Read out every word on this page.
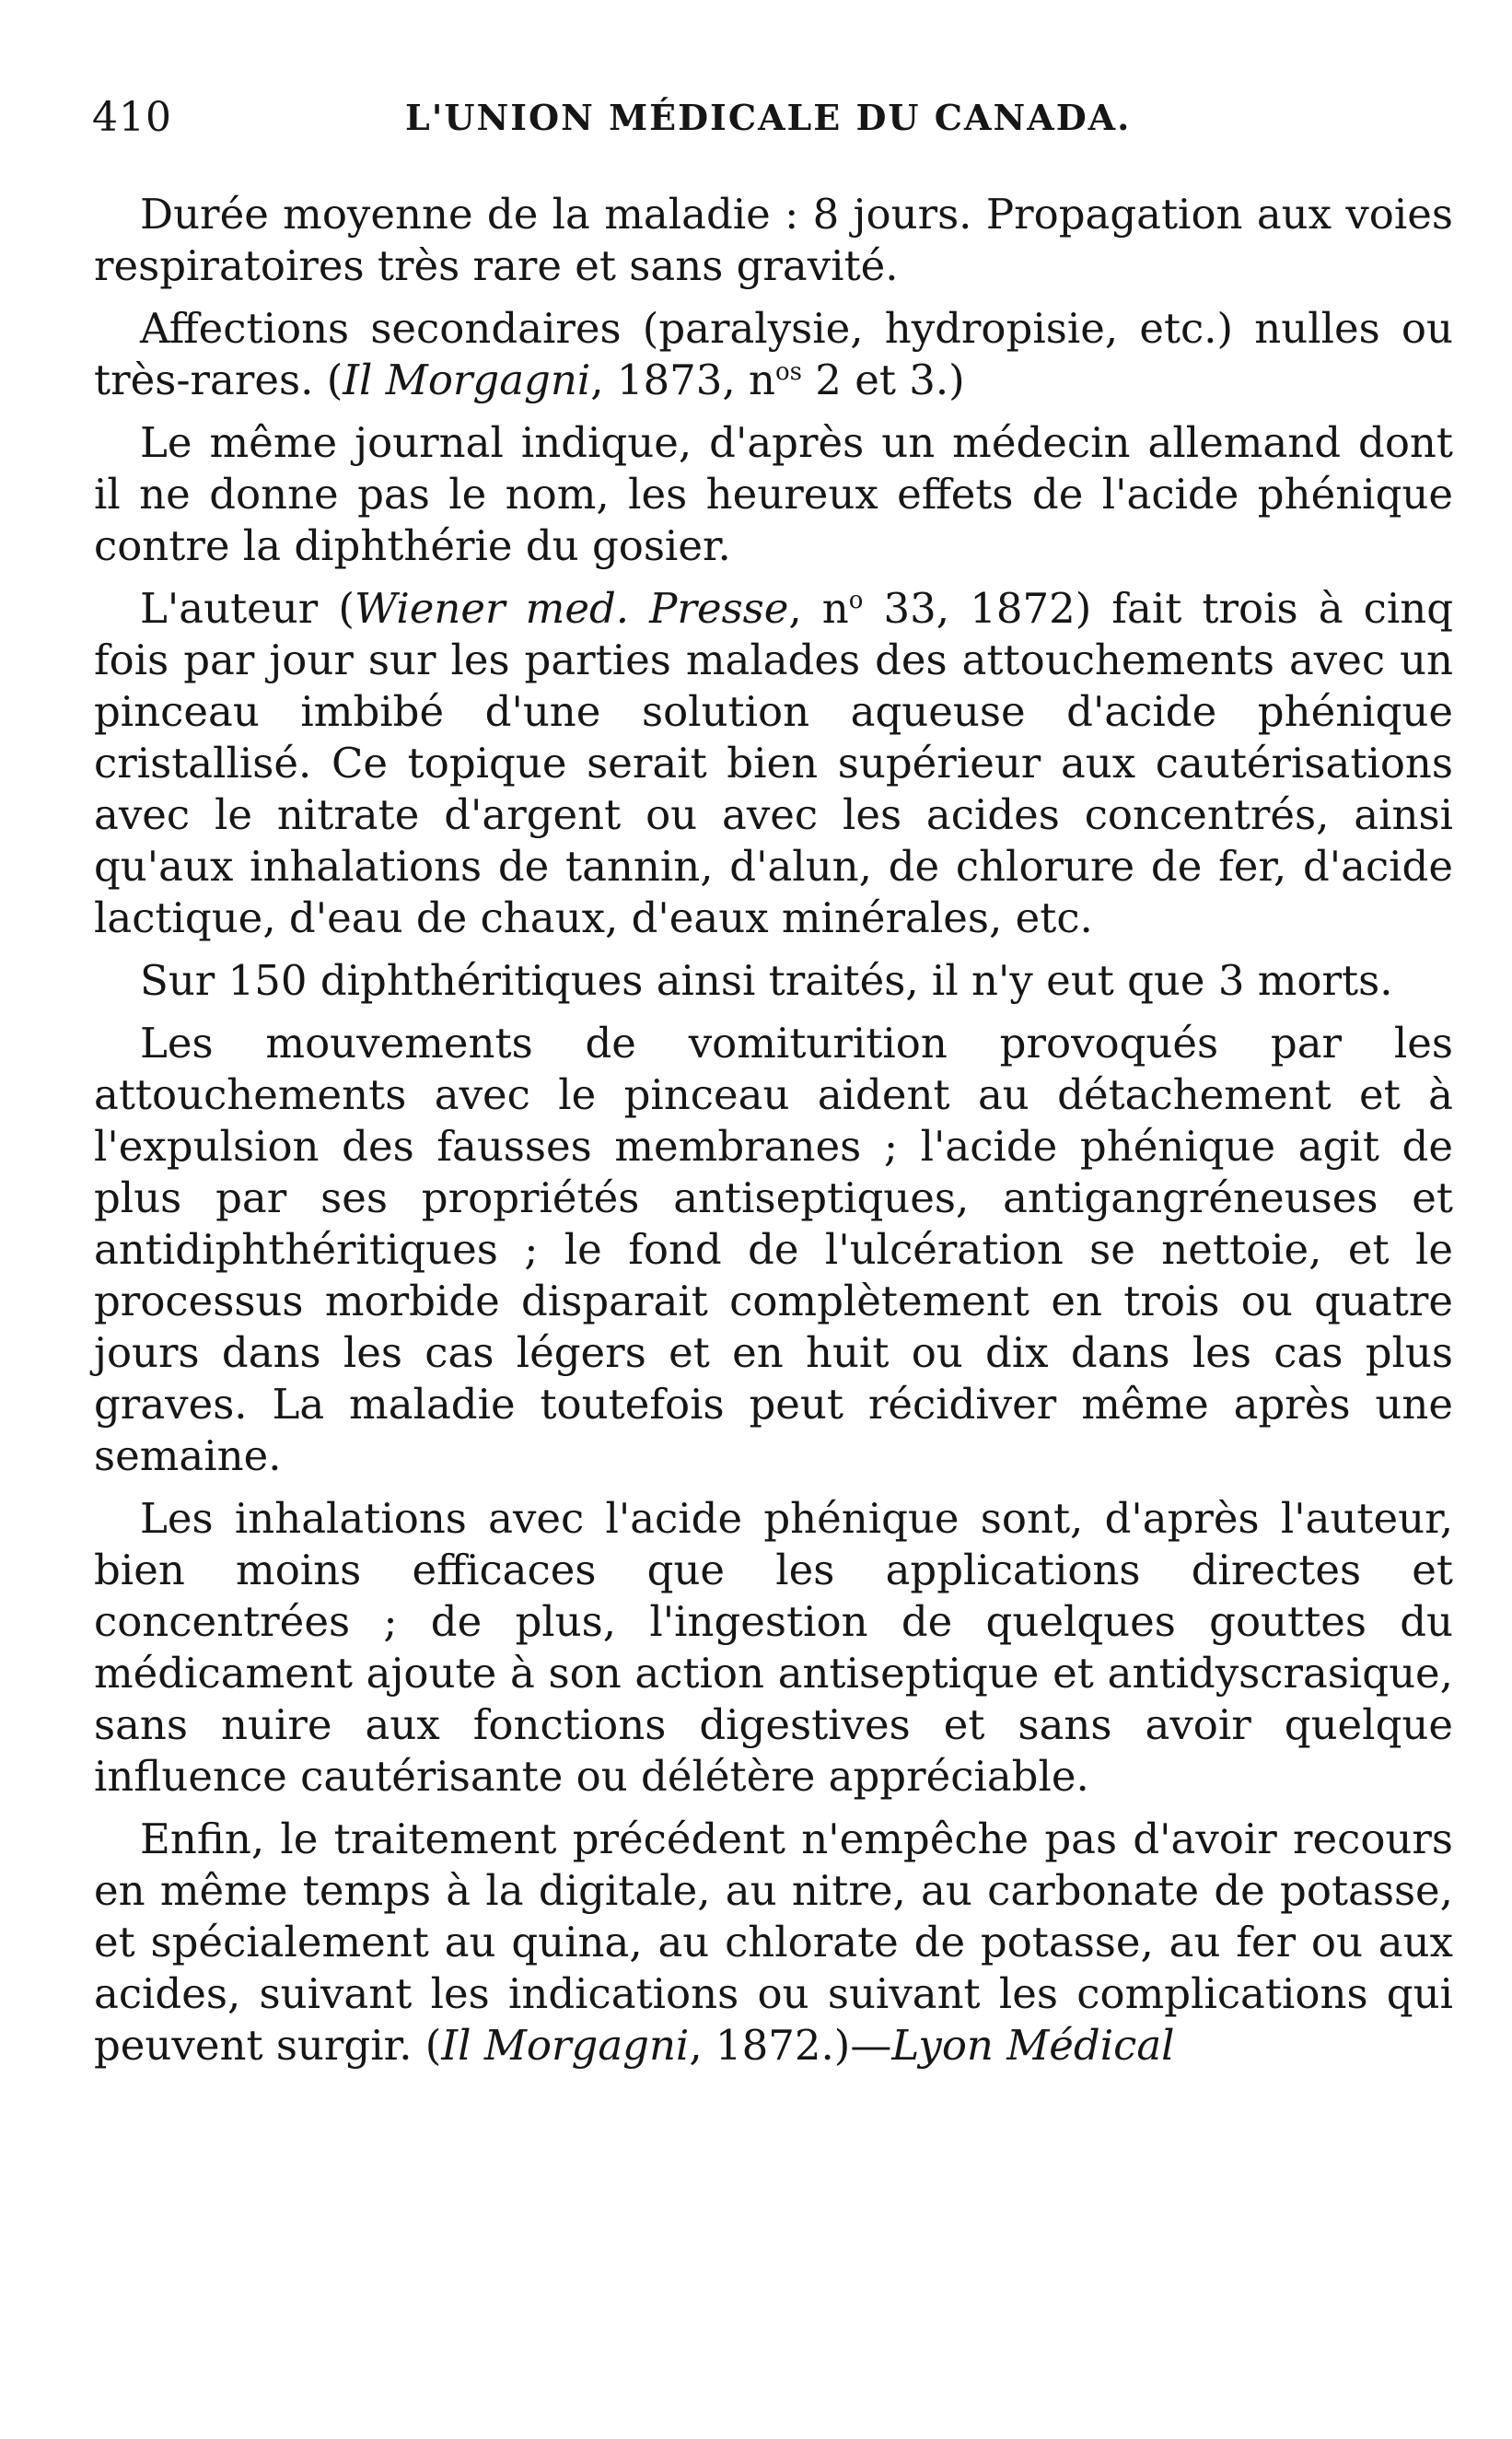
410	L'UNION MÉDICALE DU CANADA.

Durée moyenne de la maladie : 8 jours. Propagation aux voies respiratoires très rare et sans gravité.

Affections secondaires (paralysie, hydropisie, etc.) nulles ou très-rares. (Il Morgagni, 1873, $n^{os}$ 2 et 3.)

Le même journal indique, d'après un médecin allemand dont il ne donne pas le nom, les heureux effets de l'acide phénique contre la diphthérie du gosier.

L'auteur (Wiener med. Presse, $n^o$ 33, 1872) fait trois à cinq fois par jour sur les parties malades des attouchements avec un pinceau imbibé d'une solution aqueuse d'acide phénique cristallisé. Ce topique serait bien supérieur aux cautérisations avec le nitrate d'argent ou avec les acides concentrés, ainsi qu'aux inhalations de tannin, d'alun, de chlorure de fer, d'acide lactique, d'eau de chaux, d'eaux minérales, etc.

Sur 150 diphthéritiques ainsi traités, il n'y eut que 3 morts.

Les mouvements de vomiturition provoqués par les attouchements avec le pinceau aident au détachement et à l'expulsion des fausses membranes ; l'acide phénique agit de plus par ses propriétés antiseptiques, antigangréneuses et antidiphthéritiques ; le fond de l'ulcération se nettoie, et le processus morbide disparait complètement en trois ou quatre jours dans les cas légers et en huit ou dix dans les cas plus graves. La maladie toutefois peut récidiver même après une semaine.

Les inhalations avec l'acide phénique sont, d'après l'auteur, bien moins efficaces que les applications directes et concentrées ; de plus, l'ingestion de quelques gouttes du médicament ajoute à son action antiseptique et antidyscrasique, sans nuire aux fonctions digestives et sans avoir quelque influence cautérisante ou délétère appréciable.

Enfin, le traitement précédent n'empêche pas d'avoir recours en même temps à la digitale, au nitre, au carbonate de potasse, et spécialement au quina, au chlorate de potasse, au fer ou aux acides, suivant les indications ou suivant les complications qui peuvent surgir. (Il Morgagni, 1872.)—Lyon Médical
